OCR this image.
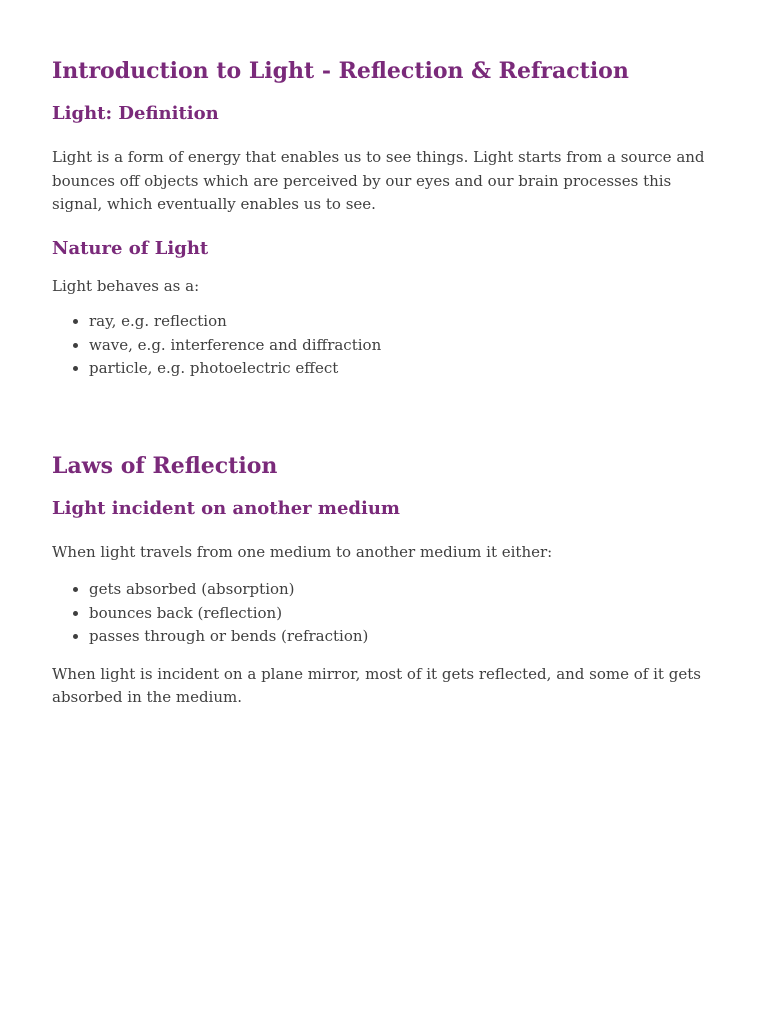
Introduction to Light - Reflection & Refraction
Light: Definition

Light is a form of energy that enables us to see things. Light starts from a source and bounces off objects which are perceived by our eyes and our brain processes this signal, which eventually enables us to see.

Nature of Light

Light behaves as a:

• ray, e.g. reflection
• wave, e.g. interference and diffraction
• particle, e.g. photoelectric effect
Laws of Reflection
Light incident on another medium

When light travels from one medium to another medium it either:

• gets absorbed (absorption)
• bounces back (reflection)
• passes through or bends (refraction)

When light is incident on a plane mirror, most of it gets reflected, and some of it gets absorbed in the medium.
